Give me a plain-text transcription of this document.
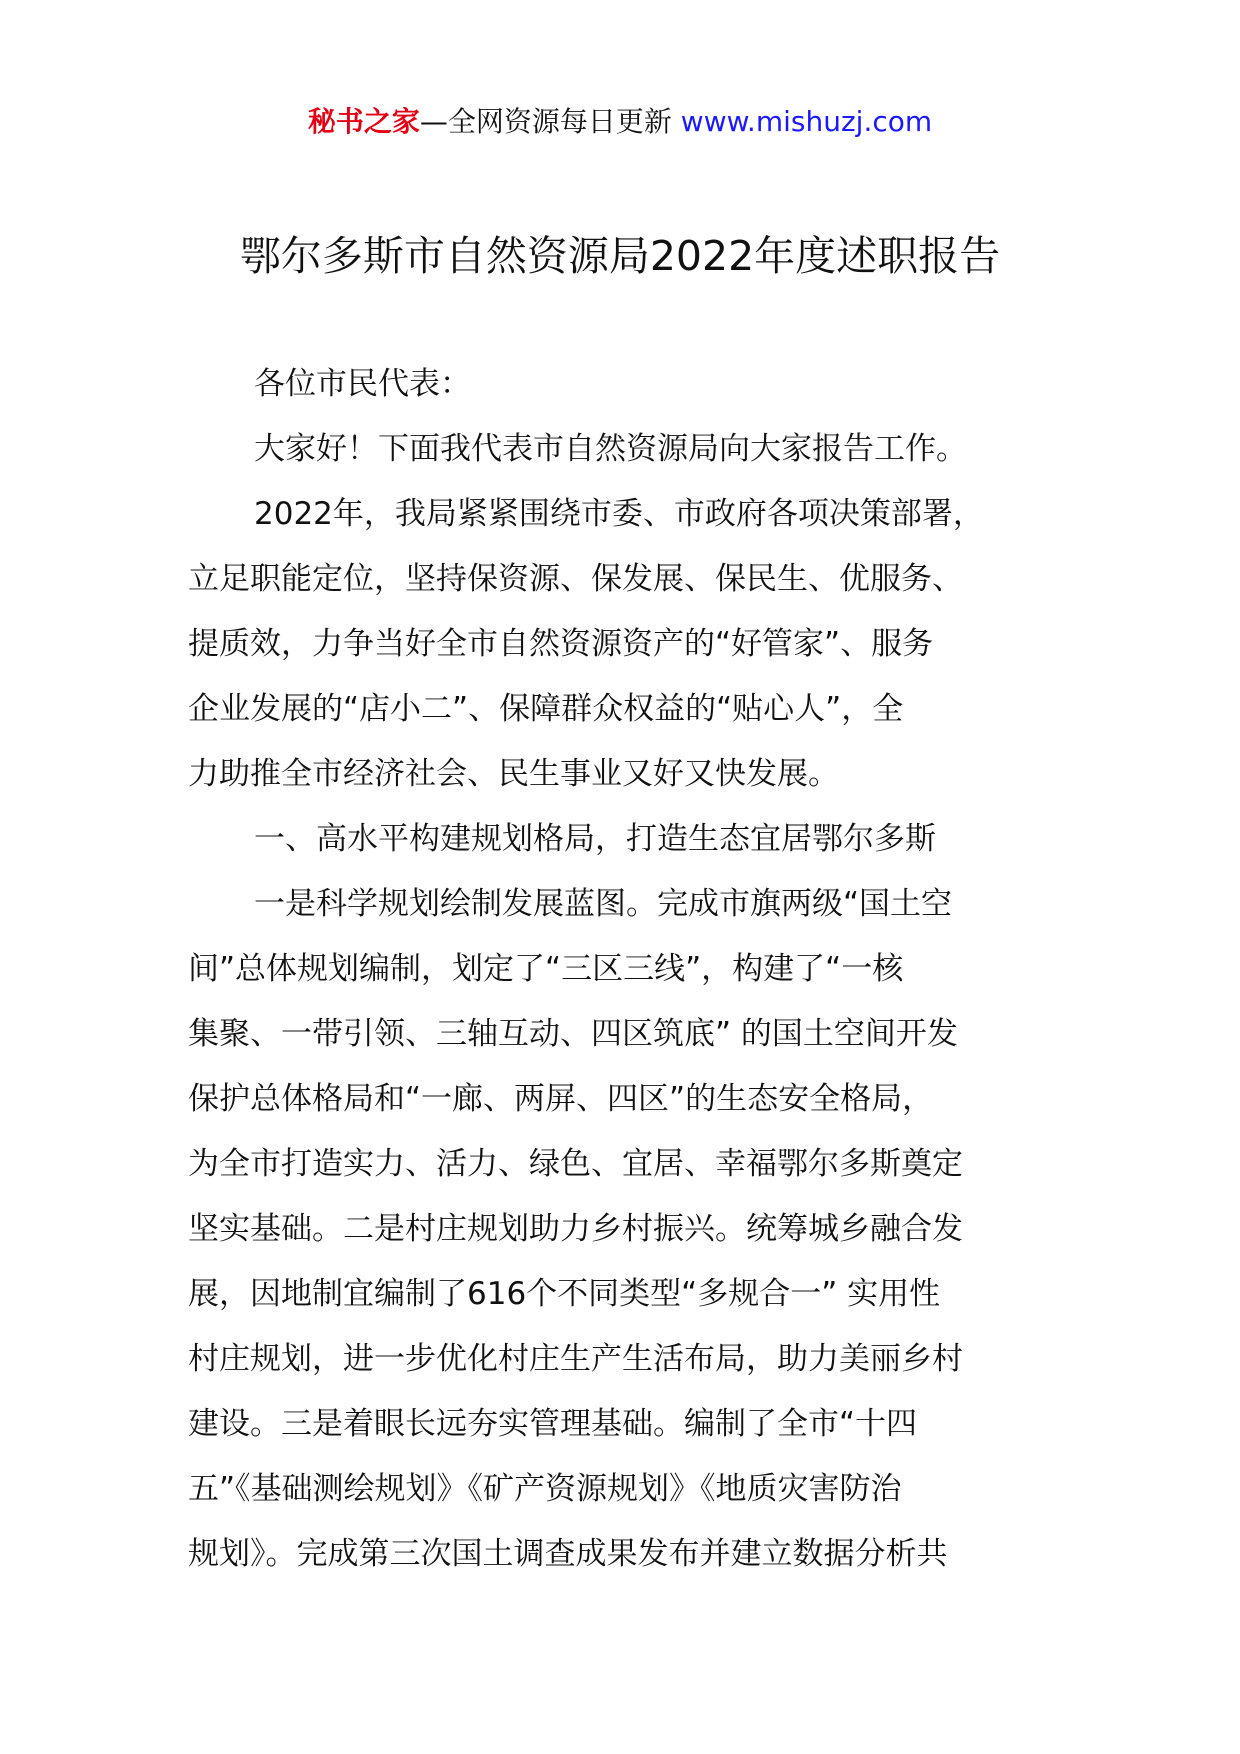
秘书之家—全网资源每日更新 www.mishuzj.com
鄂尔多斯市自然资源局2022年度述职报告
各位市民代表：
大家好！下面我代表市自然资源局向大家报告工作。
2022年，我局紧紧围绕市委、市政府各项决策部署，
立足职能定位，坚持保资源、保发展、保民生、优服务、
提质效，力争当好全市自然资源资产的“好管家”、服务
企业发展的“店小二”、保障群众权益的“贴心人”，全
力助推全市经济社会、民生事业又好又快发展。
一、高水平构建规划格局，打造生态宜居鄂尔多斯
一是科学规划绘制发展蓝图。完成市旗两级“国土空
间”总体规划编制，划定了“三区三线”，构建了“一核
集聚、一带引领、三轴互动、四区筑底” 的国土空间开发
保护总体格局和“一廊、两屏、四区”的生态安全格局，
为全市打造实力、活力、绿色、宜居、幸福鄂尔多斯奠定
坚实基础。二是村庄规划助力乡村振兴。统筹城乡融合发
展，因地制宜编制了616个不同类型“多规合一” 实用性
村庄规划，进一步优化村庄生产生活布局，助力美丽乡村
建设。三是着眼长远夯实管理基础。编制了全市“十四
五”《基础测绘规划》《矿产资源规划》《地质灾害防治
规划》。完成第三次国土调查成果发布并建立数据分析共
